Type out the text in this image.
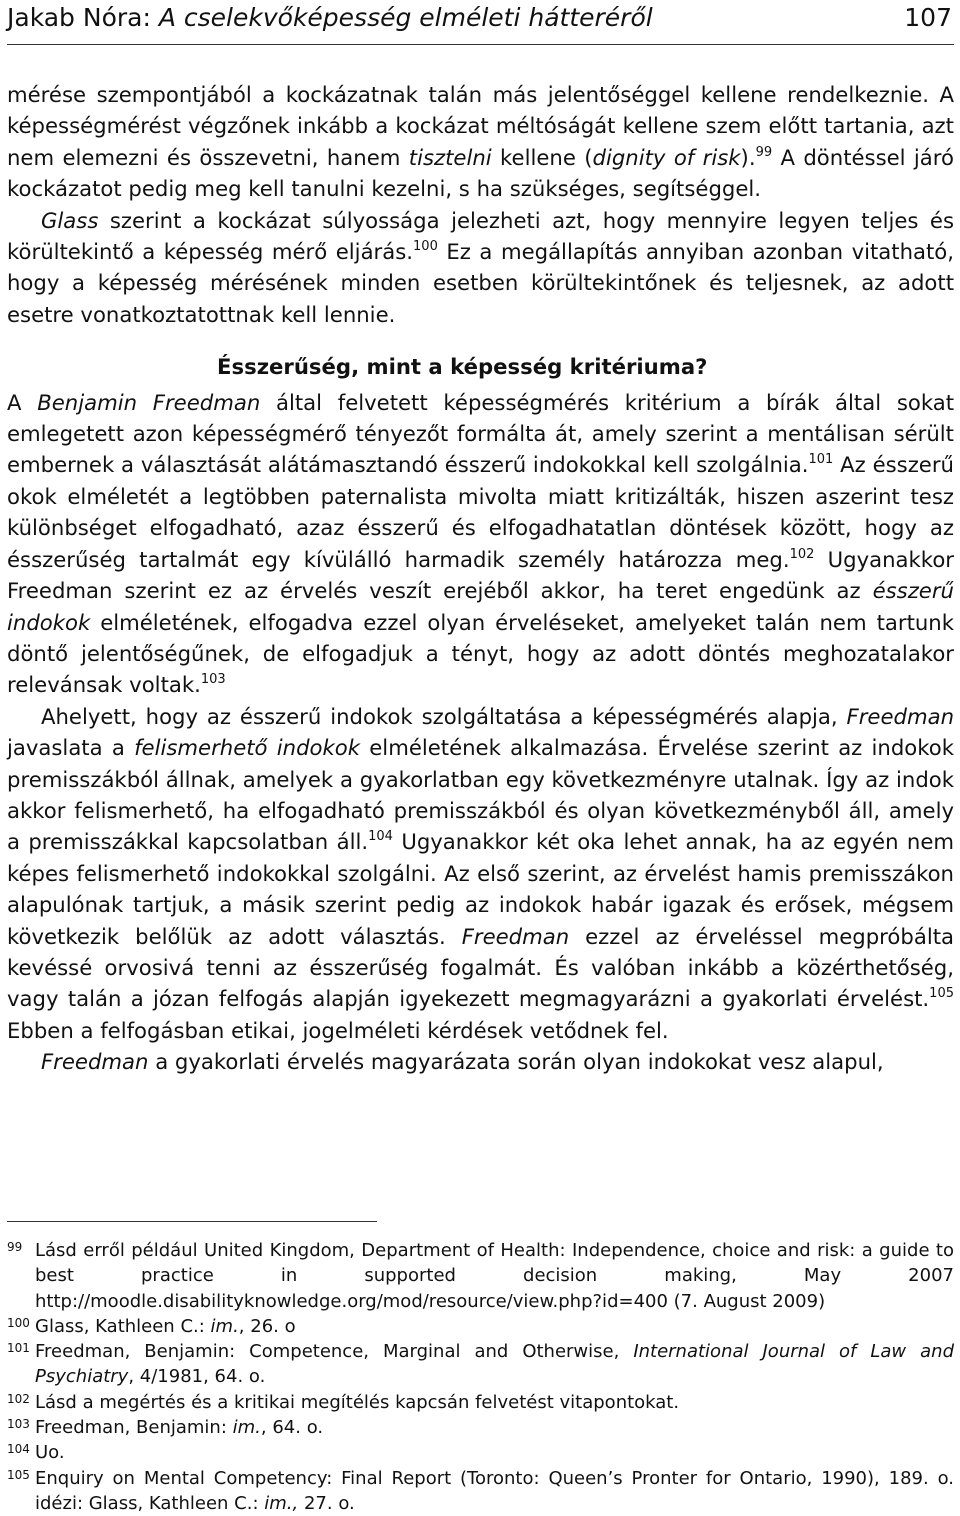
Jakab Nóra: A cselekvőképesség elméleti hátteréről	107

mérése szempontjából a kockázatnak talán más jelentőséggel kellene rendelkeznie. A képességmérést végzőnek inkább a kockázat méltóságát kellene szem előtt tartania, azt nem elemezni és összevetni, hanem tisztelni kellene (dignity of risk).$^{99}$ A döntéssel járó kockázatot pedig meg kell tanulni kezelni, s ha szükséges, segítséggel.

Glass szerint a kockázat súlyossága jelezheti azt, hogy mennyire legyen teljes és körültekintő a képesség mérő eljárás.$^{100}$ Ez a megállapítás annyiban azonban vitatható, hogy a képesség mérésének minden esetben körültekintőnek és teljesnek, az adott esetre vonatkoztatottnak kell lennie.

Ésszerűség, mint a képesség kritériuma?

A Benjamin Freedman által felvetett képességmérés kritérium a bírák által sokat emlegetett azon képességmérő tényezőt formálta át, amely szerint a mentálisan sérült embernek a választását alátámasztandó ésszerű indokokkal kell szolgálnia.$^{101}$ Az ésszerű okok elméletét a legtöbben paternalista mivolta miatt kritizálták, hiszen aszerint tesz különbséget elfogadható, azaz ésszerű és elfogadhatatlan döntések között, hogy az ésszerűség tartalmát egy kívülálló harmadik személy határozza meg.$^{102}$ Ugyanakkor Freedman szerint ez az érvelés veszít erejéből akkor, ha teret engedünk az ésszerű indokok elméletének, elfogadva ezzel olyan érveléseket, amelyeket talán nem tartunk döntő jelentőségűnek, de elfogadjuk a tényt, hogy az adott döntés meghozatalakor relevánsak voltak.$^{103}$

Ahelyett, hogy az ésszerű indokok szolgáltatása a képességmérés alapja, Freedman javaslata a felismerhető indokok elméletének alkalmazása. Érvelése szerint az indokok premisszákból állnak, amelyek a gyakorlatban egy következményre utalnak. Így az indok akkor felismerhető, ha elfogadható premisszákból és olyan következményből áll, amely a premisszákkal kapcsolatban áll.$^{104}$ Ugyanakkor két oka lehet annak, ha az egyén nem képes felismerhető indokokkal szolgálni. Az első szerint, az érvelést hamis premisszákon alapulónak tartjuk, a másik szerint pedig az indokok habár igazak és erősek, mégsem következik belőlük az adott választás. Freedman ezzel az érveléssel megpróbálta kevéssé orvosivá tenni az ésszerűség fogalmát. És valóban inkább a közérthetőség, vagy talán a józan felfogás alapján igyekezett megmagyarázni a gyakorlati érvelést.$^{105}$ Ebben a felfogásban etikai, jogelméleti kérdések vetődnek fel.

Freedman a gyakorlati érvelés magyarázata során olyan indokokat vesz alapul,

99 Lásd erről például United Kingdom, Department of Health: Independence, choice and risk: a guide to best practice in supported decision making, May 2007 http://moodle.disabilityknowledge.org/mod/resource/view.php?id=400 (7. August 2009)
100 Glass, Kathleen C.: im., 26. o
101 Freedman, Benjamin: Competence, Marginal and Otherwise, International Journal of Law and Psychiatry, 4/1981, 64. o.
102 Lásd a megértés és a kritikai megítélés kapcsán felvetést vitapontokat.
103 Freedman, Benjamin: im., 64. o.
104 Uo.
105 Enquiry on Mental Competency: Final Report (Toronto: Queen’s Pronter for Ontario, 1990), 189. o. idézi: Glass, Kathleen C.: im., 27. o.
